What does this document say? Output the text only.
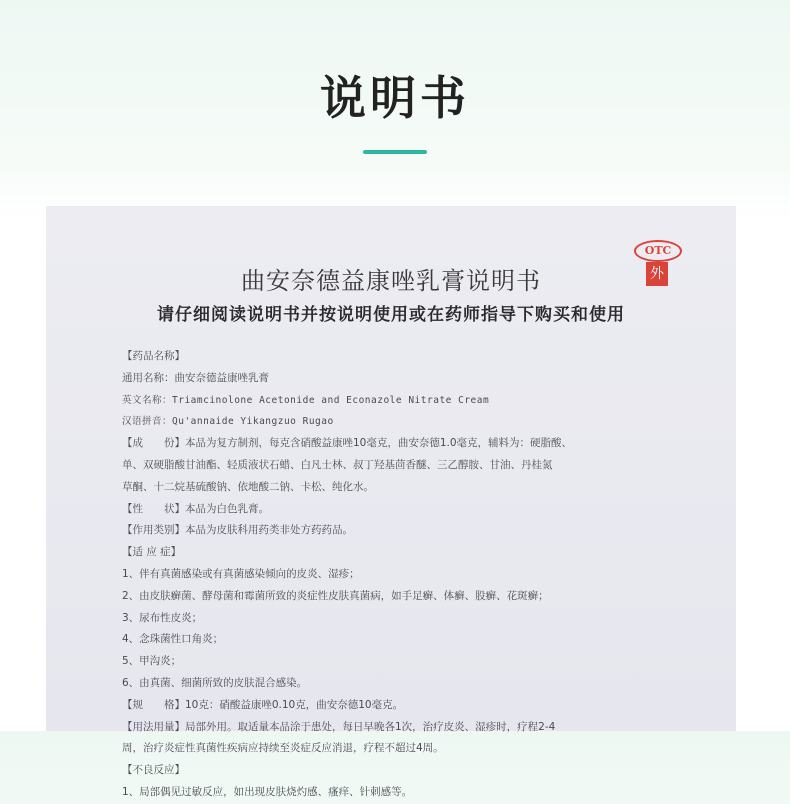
说明书
OTC
外
曲安奈德益康唑乳膏说明书
请仔细阅读说明书并按说明使用或在药师指导下购买和使用
【药品名称】
通用名称：曲安奈德益康唑乳膏
英文名称：Triamcinolone Acetonide and Econazole Nitrate Cream
汉语拼音：Qu'annaide Yikangzuo Rugao
【成　　份】本品为复方制剂，每克含硝酸益康唑10毫克，曲安奈德1.0毫克，辅料为：硬脂酸、
单、双硬脂酸甘油酯、轻质液状石蜡、白凡士林、叔丁羟基茴香醚、三乙醇胺、甘油、丹桂氮
草酮、十二烷基硫酸钠、依地酸二钠、卡松、纯化水。
【性　　状】本品为白色乳膏。
【作用类别】本品为皮肤科用药类非处方药药品。
【适 应 症】
1、伴有真菌感染或有真菌感染倾向的皮炎、湿疹；
2、由皮肤癣菌、酵母菌和霉菌所致的炎症性皮肤真菌病，如手足癣、体癣、股癣、花斑癣；
3、尿布性皮炎；
4、念珠菌性口角炎；
5、甲沟炎；
6、由真菌、细菌所致的皮肤混合感染。
【规　　格】10克：硝酸益康唑0.10克，曲安奈德10毫克。
【用法用量】局部外用。取适量本品涂于患处，每日早晚各1次，治疗皮炎、湿疹时，疗程2-4
周，治疗炎症性真菌性疾病应持续至炎症反应消退，疗程不超过4周。
【不良反应】
1、局部偶见过敏反应，如出现皮肤烧灼感、瘙痒、针刺感等。
